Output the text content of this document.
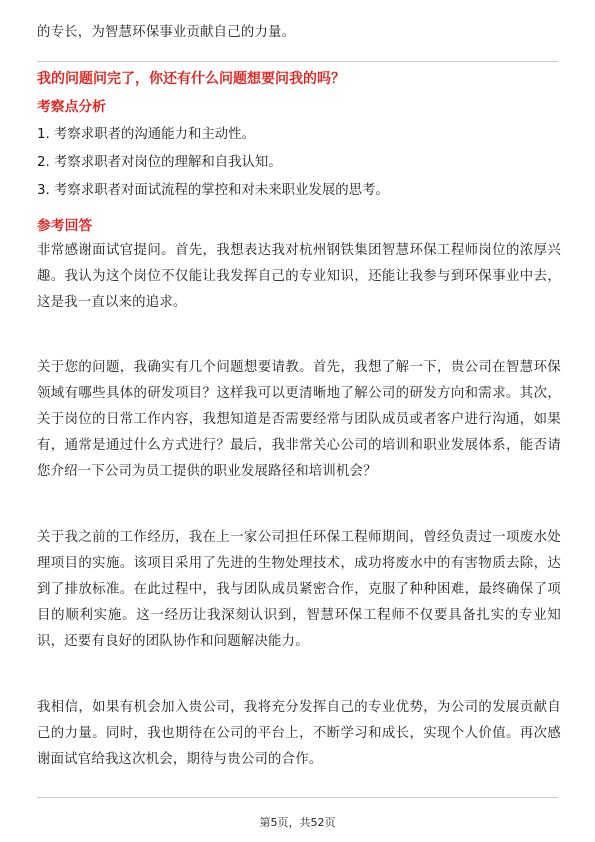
的专长，为智慧环保事业贡献自己的力量。

我的问题问完了，你还有什么问题想要问我的吗？

考察点分析

1. 考察求职者的沟通能力和主动性。

2. 考察求职者对岗位的理解和自我认知。

3. 考察求职者对面试流程的掌控和对未来职业发展的思考。

参考回答

非常感谢面试官提问。首先，我想表达我对杭州钢铁集团智慧环保工程师岗位的浓厚兴趣。我认为这个岗位不仅能让我发挥自己的专业知识，还能让我参与到环保事业中去，这是我一直以来的追求。

关于您的问题，我确实有几个问题想要请教。首先，我想了解一下，贵公司在智慧环保领域有哪些具体的研发项目？这样我可以更清晰地了解公司的研发方向和需求。其次，关于岗位的日常工作内容，我想知道是否需要经常与团队成员或者客户进行沟通，如果有，通常是通过什么方式进行？最后，我非常关心公司的培训和职业发展体系，能否请您介绍一下公司为员工提供的职业发展路径和培训机会？

关于我之前的工作经历，我在上一家公司担任环保工程师期间，曾经负责过一项废水处理项目的实施。该项目采用了先进的生物处理技术，成功将废水中的有害物质去除，达到了排放标准。在此过程中，我与团队成员紧密合作，克服了种种困难，最终确保了项目的顺利实施。这一经历让我深刻认识到，智慧环保工程师不仅要具备扎实的专业知识，还要有良好的团队协作和问题解决能力。

我相信，如果有机会加入贵公司，我将充分发挥自己的专业优势，为公司的发展贡献自己的力量。同时，我也期待在公司的平台上，不断学习和成长，实现个人价值。再次感谢面试官给我这次机会，期待与贵公司的合作。

第5页，共52页
